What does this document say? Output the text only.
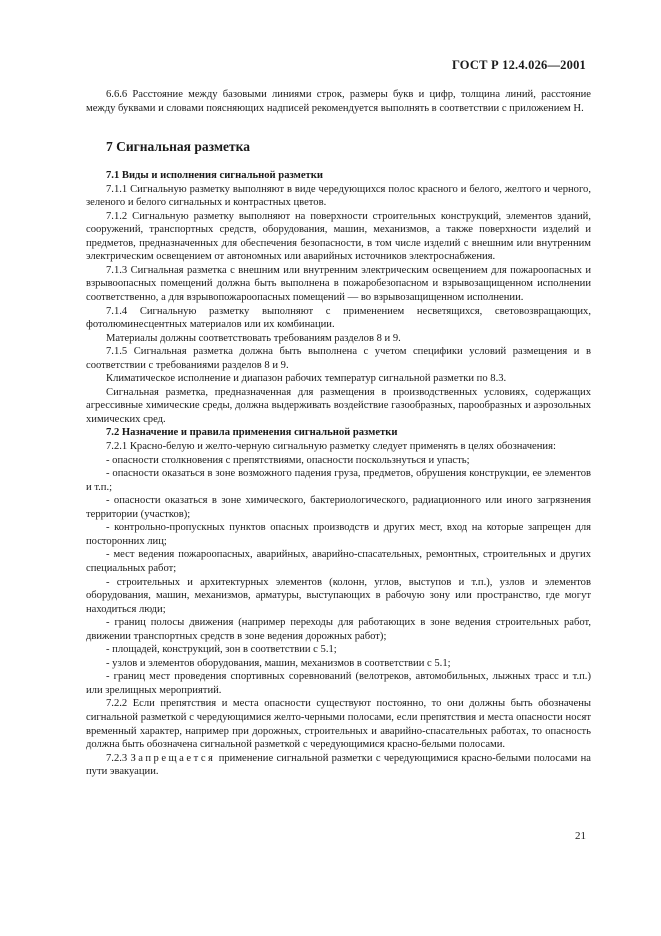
ГОСТ Р 12.4.026—2001

6.6.6 Расстояние между базовыми линиями строк, размеры букв и цифр, толщина линий, расстояние между буквами и словами поясняющих надписей рекомендуется выполнять в соответствии с приложением Н.

7 Сигнальная разметка
7.1 Виды и исполнения сигнальной разметки

7.1.1 Сигнальную разметку выполняют в виде чередующихся полос красного и белого, желтого и черного, зеленого и белого сигнальных и контрастных цветов.

7.1.2 Сигнальную разметку выполняют на поверхности строительных конструкций, элементов зданий, сооружений, транспортных средств, оборудования, машин, механизмов, а также поверхности изделий и предметов, предназначенных для обеспечения безопасности, в том числе изделий с внешним или внутренним электрическим освещением от автономных или аварийных источников электроснабжения.

7.1.3 Сигнальная разметка с внешним или внутренним электрическим освещением для пожароопасных и взрывоопасных помещений должна быть выполнена в пожаробезопасном и взрывозащищенном исполнении соответственно, а для взрывопожароопасных помещений — во взрывозащищенном исполнении.

7.1.4 Сигнальную разметку выполняют с применением несветящихся, световозвращающих, фотолюминесцентных материалов или их комбинации.

Материалы должны соответствовать требованиям разделов 8 и 9.

7.1.5 Сигнальная разметка должна быть выполнена с учетом специфики условий размещения и в соответствии с требованиями разделов 8 и 9.

Климатическое исполнение и диапазон рабочих температур сигнальной разметки по 8.3.

Сигнальная разметка, предназначенная для размещения в производственных условиях, содержащих агрессивные химические среды, должна выдерживать воздействие газообразных, парообразных и аэрозольных химических сред.

7.2 Назначение и правила применения сигнальной разметки

7.2.1 Красно-белую и желто-черную сигнальную разметку следует применять в целях обозначения:

- опасности столкновения с препятствиями, опасности поскользнуться и упасть;

- опасности оказаться в зоне возможного падения груза, предметов, обрушения конструкции, ее элементов и т.п.;

- опасности оказаться в зоне химического, бактериологического, радиационного или иного загрязнения территории (участков);

- контрольно-пропускных пунктов опасных производств и других мест, вход на которые запрещен для посторонних лиц;

- мест ведения пожароопасных, аварийных, аварийно-спасательных, ремонтных, строительных и других специальных работ;

- строительных и архитектурных элементов (колонн, углов, выступов и т.п.), узлов и элементов оборудования, машин, механизмов, арматуры, выступающих в рабочую зону или пространство, где могут находиться люди;

- границ полосы движения (например переходы для работающих в зоне ведения строительных работ, движении транспортных средств в зоне ведения дорожных работ);

- площадей, конструкций, зон в соответствии с 5.1;

- узлов и элементов оборудования, машин, механизмов в соответствии с 5.1;

- границ мест проведения спортивных соревнований (велотреков, автомобильных, лыжных трасс и т.п.) или зрелищных мероприятий.

7.2.2 Если препятствия и места опасности существуют постоянно, то они должны быть обозначены сигнальной разметкой с чередующимися желто-черными полосами, если препятствия и места опасности носят временный характер, например при дорожных, строительных и аварийно-спасательных работах, то опасность должна быть обозначена сигнальной разметкой с чередующимися красно-белыми полосами.

7.2.3 Запрещается применение сигнальной разметки с чередующимися красно-белыми полосами на пути эвакуации.

21
